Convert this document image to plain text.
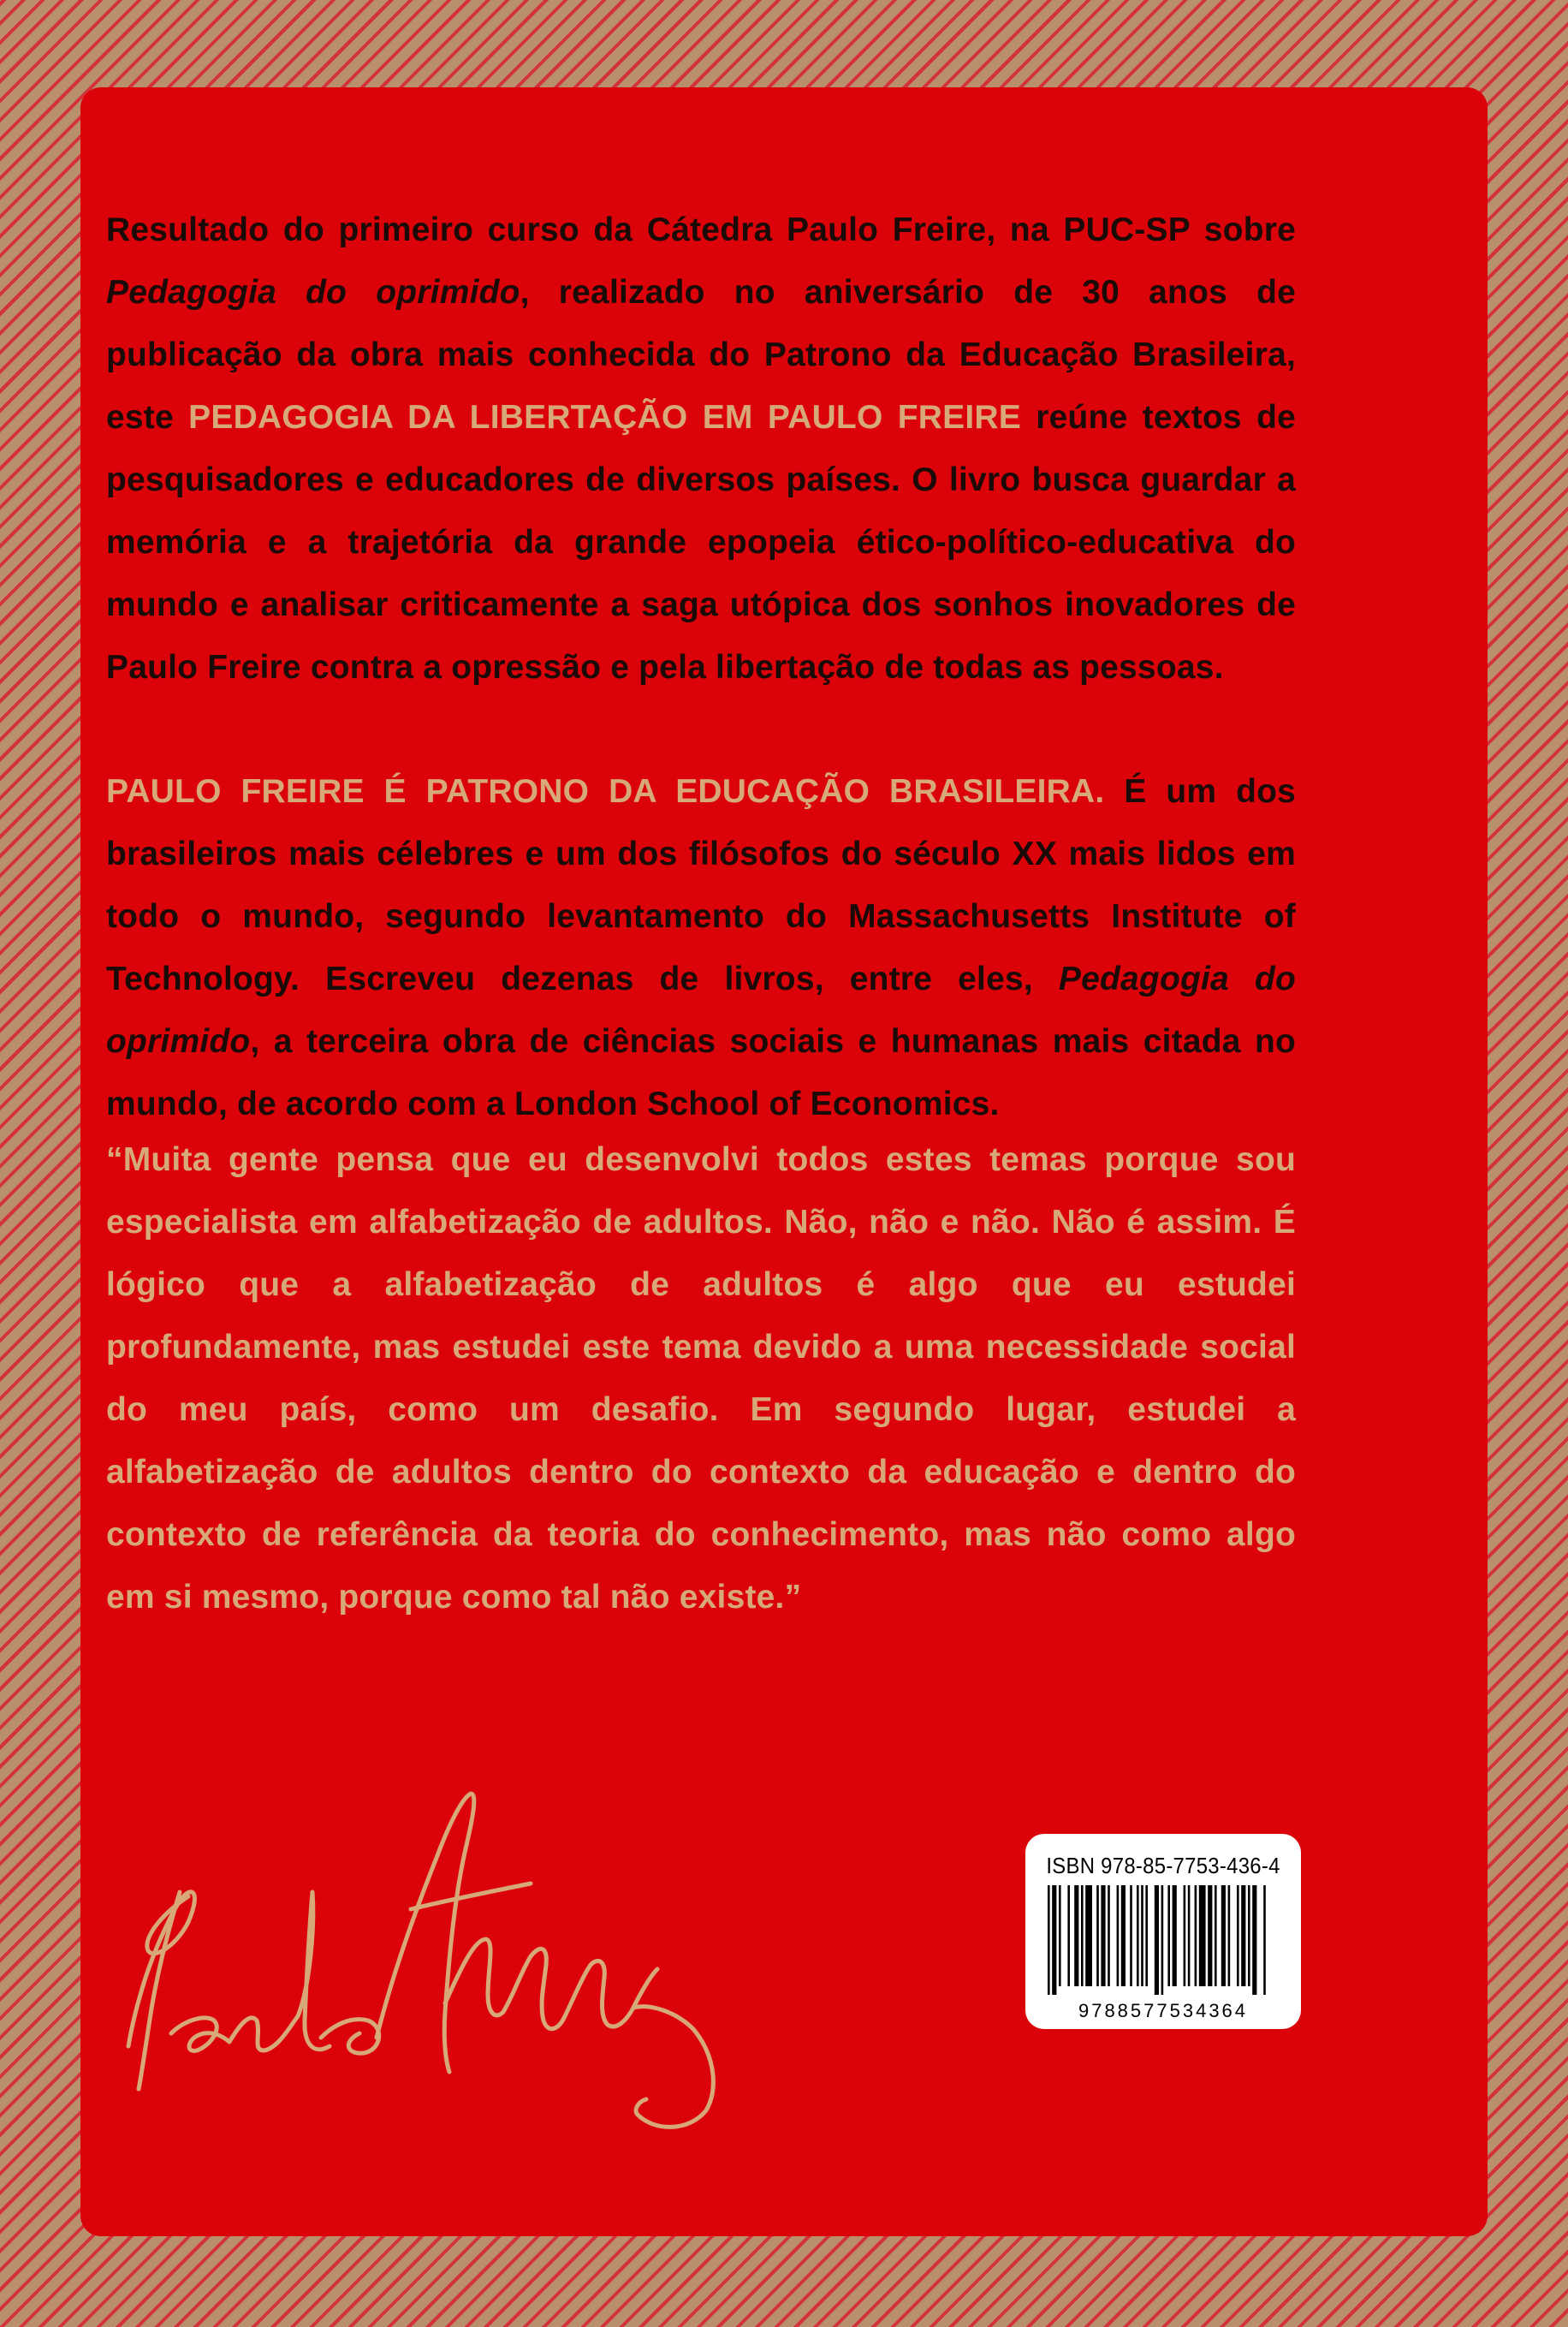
Resultado do primeiro curso da Cátedra Paulo Freire, na PUC-SP sobre Pedagogia do oprimido, realizado no aniversário de 30 anos de publicação da obra mais conhecida do Patrono da Educação Brasileira, este PEDAGOGIA DA LIBERTAÇÃO EM PAULO FREIRE reúne textos de pesquisadores e educadores de diversos países. O livro busca guardar a memória e a trajetória da grande epopeia ético-político-educativa do mundo e analisar criticamente a saga utópica dos sonhos inovadores de Paulo Freire contra a opressão e pela libertação de todas as pessoas.

PAULO FREIRE É PATRONO DA EDUCAÇÃO BRASILEIRA. É um dos brasileiros mais célebres e um dos filósofos do século XX mais lidos em todo o mundo, segundo levantamento do Massachusetts Institute of Technology. Escreveu dezenas de livros, entre eles, Pedagogia do oprimido, a terceira obra de ciências sociais e humanas mais citada no mundo, de acordo com a London School of Economics.

“Muita gente pensa que eu desenvolvi todos estes temas porque sou especialista em alfabetização de adultos. Não, não e não. Não é assim. É lógico que a alfabetização de adultos é algo que eu estudei profundamente, mas estudei este tema devido a uma necessidade social do meu país, como um desafio. Em segundo lugar, estudei a alfabetização de adultos dentro do contexto da educação e dentro do contexto de referência da teoria do conhecimento, mas não como algo em si mesmo, porque como tal não existe.”

ISBN 978-85-7753-436-4
9788577534364
